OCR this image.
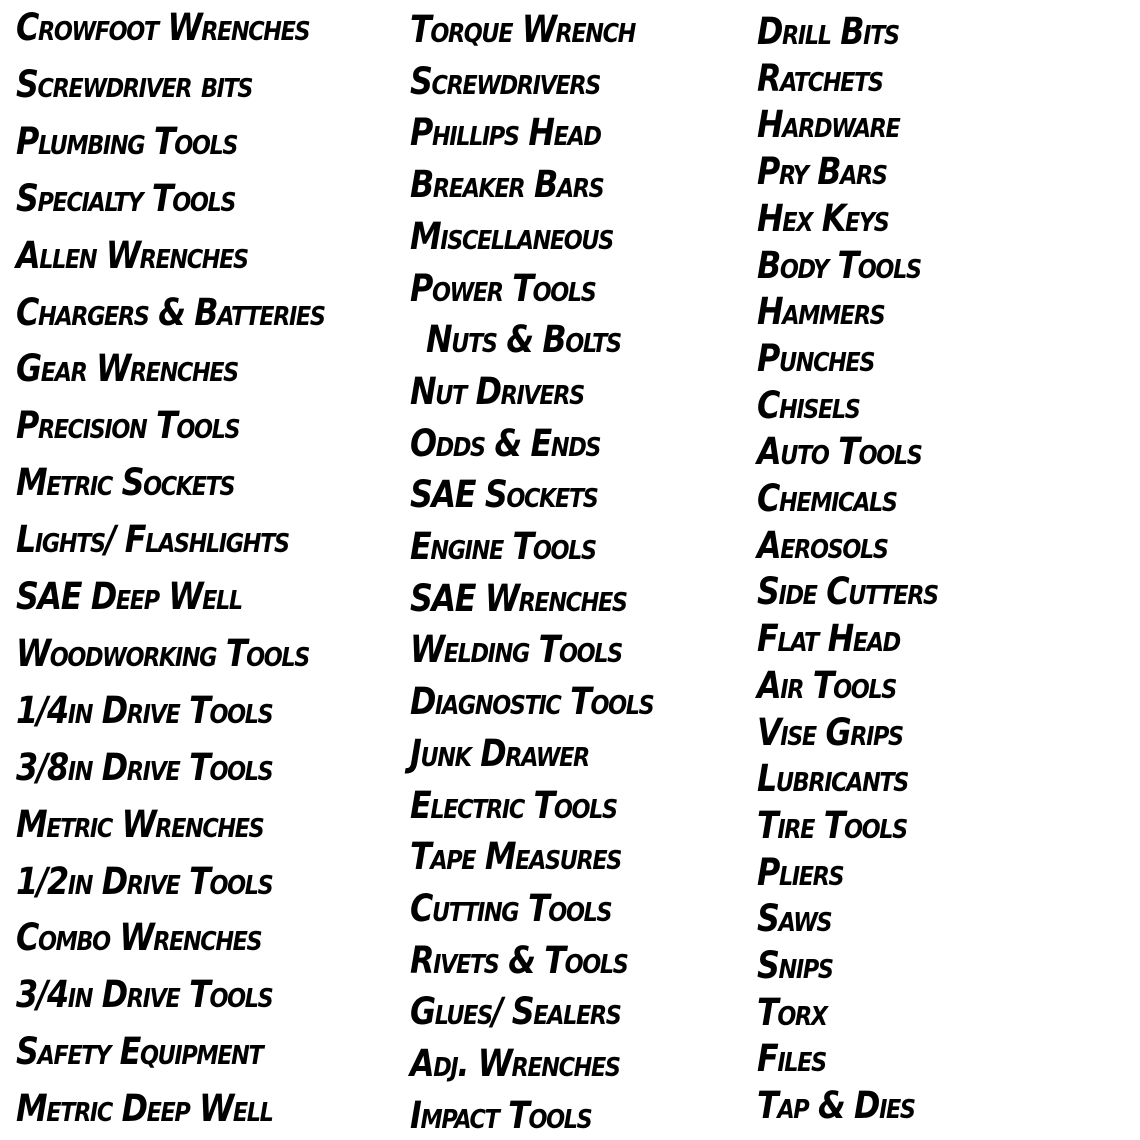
Crowfoot Wrenches
Screwdriver bits
Plumbing Tools
Specialty Tools
Allen Wrenches
Chargers & Batteries
Gear Wrenches
Precision Tools
Metric Sockets
Lights/ Flashlights
SAE Deep Well
Woodworking Tools
1/4in Drive Tools
3/8in Drive Tools
Metric Wrenches
1/2in Drive Tools
Combo Wrenches
3/4in Drive Tools
Safety Equipment
Metric Deep Well
Torque Wrench
Screwdrivers
Phillips Head
Breaker Bars
Miscellaneous
Power Tools
Nuts & Bolts
Nut Drivers
Odds & Ends
SAE Sockets
Engine Tools
SAE Wrenches
Welding Tools
Diagnostic Tools
Junk Drawer
Electric Tools
Tape Measures
Cutting Tools
Rivets & Tools
Glues/ Sealers
Adj. Wrenches
Impact Tools
Drill Bits
Ratchets
Hardware
Pry Bars
Hex Keys
Body Tools
Hammers
Punches
Chisels
Auto Tools
Chemicals
Aerosols
Side Cutters
Flat Head
Air Tools
Vise Grips
Lubricants
Tire Tools
Pliers
Saws
Snips
Torx
Files
Tap & Dies
